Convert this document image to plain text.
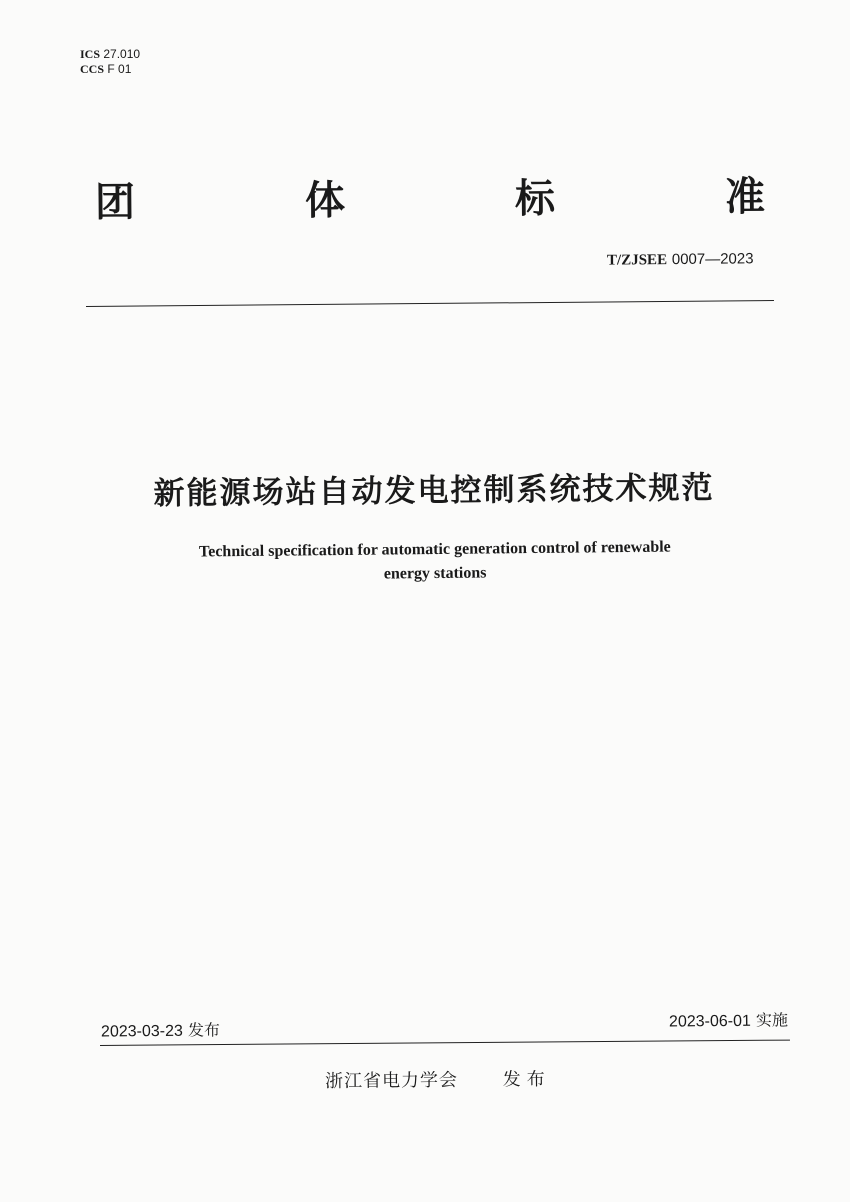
ICS 27.010
CCS F 01
团	体	标	准
T/ZJSEE 0007—2023
新能源场站自动发电控制系统技术规范
Technical specification for automatic generation control of renewable
energy stations
2023-03-23 发布	2023-06-01 实施
浙江省电力学会 发布
